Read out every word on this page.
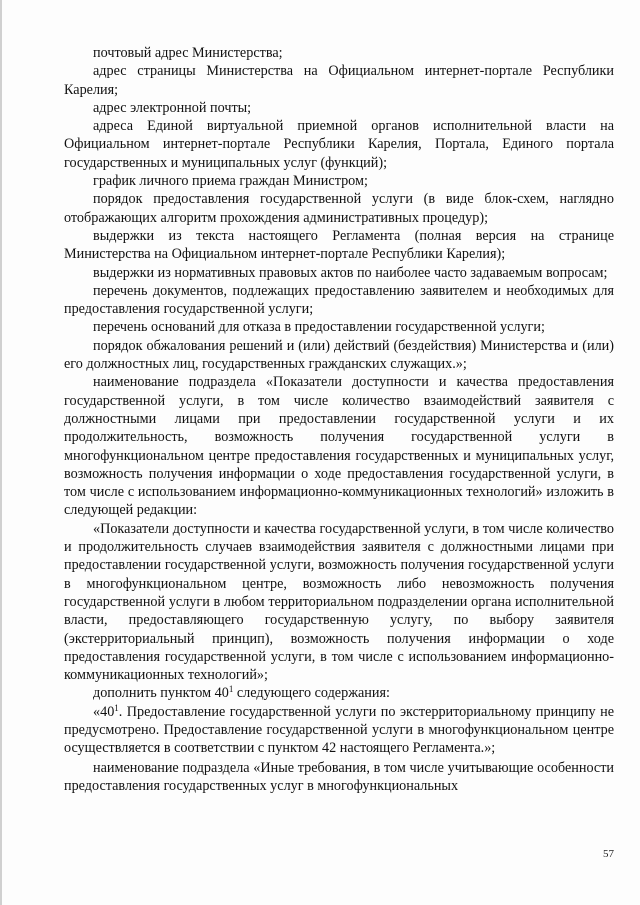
почтовый адрес Министерства;

адрес страницы Министерства на Официальном интернет-портале Республики Карелия;

адрес электронной почты;

адреса Единой виртуальной приемной органов исполнительной власти на Официальном интернет-портале Республики Карелия, Портала, Единого портала государственных и муниципальных услуг (функций);

график личного приема граждан Министром;

порядок предоставления государственной услуги (в виде блок-схем, наглядно отображающих алгоритм прохождения административных процедур);

выдержки из текста настоящего Регламента (полная версия на странице Министерства на Официальном интернет-портале Республики Карелия);

выдержки из нормативных правовых актов по наиболее часто задаваемым вопросам;

перечень документов, подлежащих предоставлению заявителем и необходимых для предоставления государственной услуги;

перечень оснований для отказа в предоставлении государственной услуги;

порядок обжалования решений и (или) действий (бездействия) Министерства и (или) его должностных лиц, государственных гражданских служащих.»;

наименование подраздела «Показатели доступности и качества предоставления государственной услуги, в том числе количество взаимодействий заявителя с должностными лицами при предоставлении государственной услуги и их продолжительность, возможность получения государственной услуги в многофункциональном центре предоставления государственных и муниципальных услуг, возможность получения информации о ходе предоставления государственной услуги, в том числе с использованием информационно-коммуникационных технологий» изложить в следующей редакции:

«Показатели доступности и качества государственной услуги, в том числе количество и продолжительность случаев взаимодействия заявителя с должностными лицами при предоставлении государственной услуги, возможность получения государственной услуги в многофункциональном центре, возможность либо невозможность получения государственной услуги в любом территориальном подразделении органа исполнительной власти, предоставляющего государственную услугу, по выбору заявителя (экстерриториальный принцип), возможность получения информации о ходе предоставления государственной услуги, в том числе с использованием информационно-коммуникационных технологий»;

дополнить пунктом $40^1$ следующего содержания:

«$40^1$. Предоставление государственной услуги по экстерриториальному принципу не предусмотрено. Предоставление государственной услуги в многофункциональном центре осуществляется в соответствии с пунктом 42 настоящего Регламента.»;

наименование подраздела «Иные требования, в том числе учитывающие особенности предоставления государственных услуг в многофункциональных

57
